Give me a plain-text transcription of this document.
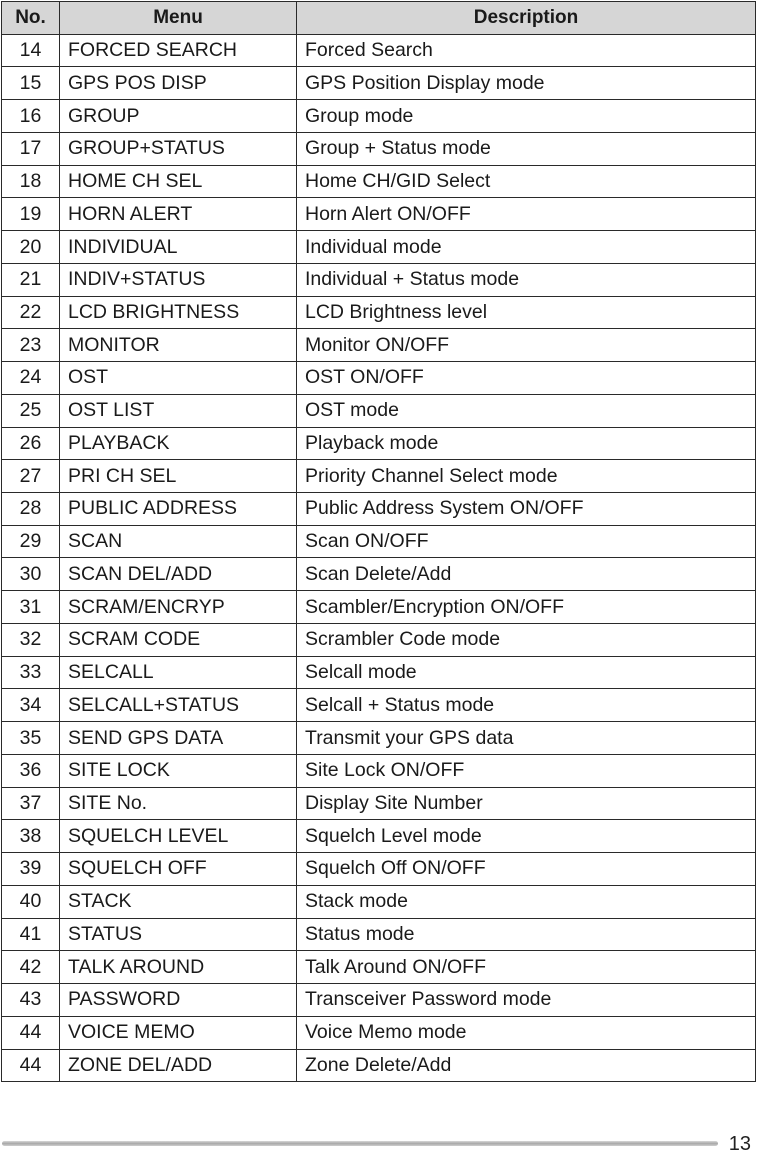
No.	Menu	Description
14	FORCED SEARCH	Forced Search
15	GPS POS DISP	GPS Position Display mode
16	GROUP	Group mode
17	GROUP+STATUS	Group + Status mode
18	HOME CH SEL	Home CH/GID Select
19	HORN ALERT	Horn Alert ON/OFF
20	INDIVIDUAL	Individual mode
21	INDIV+STATUS	Individual + Status mode
22	LCD BRIGHTNESS	LCD Brightness level
23	MONITOR	Monitor ON/OFF
24	OST	OST ON/OFF
25	OST LIST	OST mode
26	PLAYBACK	Playback mode
27	PRI CH SEL	Priority Channel Select mode
28	PUBLIC ADDRESS	Public Address System ON/OFF
29	SCAN	Scan ON/OFF
30	SCAN DEL/ADD	Scan Delete/Add
31	SCRAM/ENCRYP	Scambler/Encryption ON/OFF
32	SCRAM CODE	Scrambler Code mode
33	SELCALL	Selcall mode
34	SELCALL+STATUS	Selcall + Status mode
35	SEND GPS DATA	Transmit your GPS data
36	SITE LOCK	Site Lock ON/OFF
37	SITE No.	Display Site Number
38	SQUELCH LEVEL	Squelch Level mode
39	SQUELCH OFF	Squelch Off ON/OFF
40	STACK	Stack mode
41	STATUS	Status mode
42	TALK AROUND	Talk Around ON/OFF
43	PASSWORD	Transceiver Password mode
44	VOICE MEMO	Voice Memo mode
44	ZONE DEL/ADD	Zone Delete/Add
13
